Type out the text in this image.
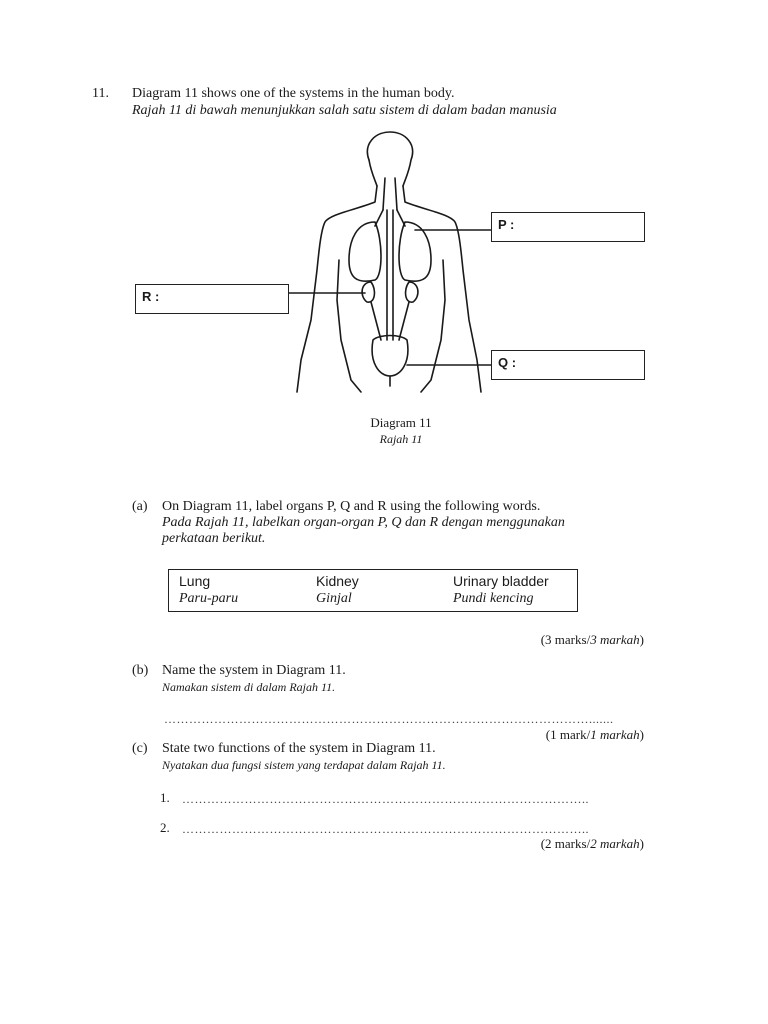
11. Diagram 11 shows one of the systems in the human body.
Rajah 11 di bawah menunjukkan salah satu sistem di dalam badan manusia
P :
R :
Q :
Diagram 11
Rajah 11
(a) On Diagram 11, label organs P, Q and R using the following words.
Pada Rajah 11, labelkan organ-organ P, Q dan R dengan menggunakan
perkataan berikut.
Lung
Paru-paru
Kidney
Ginjal
Urinary bladder
Pundi kencing
(3 marks/3 markah)
(b) Name the system in Diagram 11.
Namakan sistem di dalam Rajah 11.
………………………………………………………………………………………….......
(1 mark/1 markah)
(c) State two functions of the system in Diagram 11.
Nyatakan dua fungsi sistem yang terdapat dalam Rajah 11.
1. ……………………………………………………………………………………..
2. ……………………………………………………………………………………..
(2 marks/2 markah)
